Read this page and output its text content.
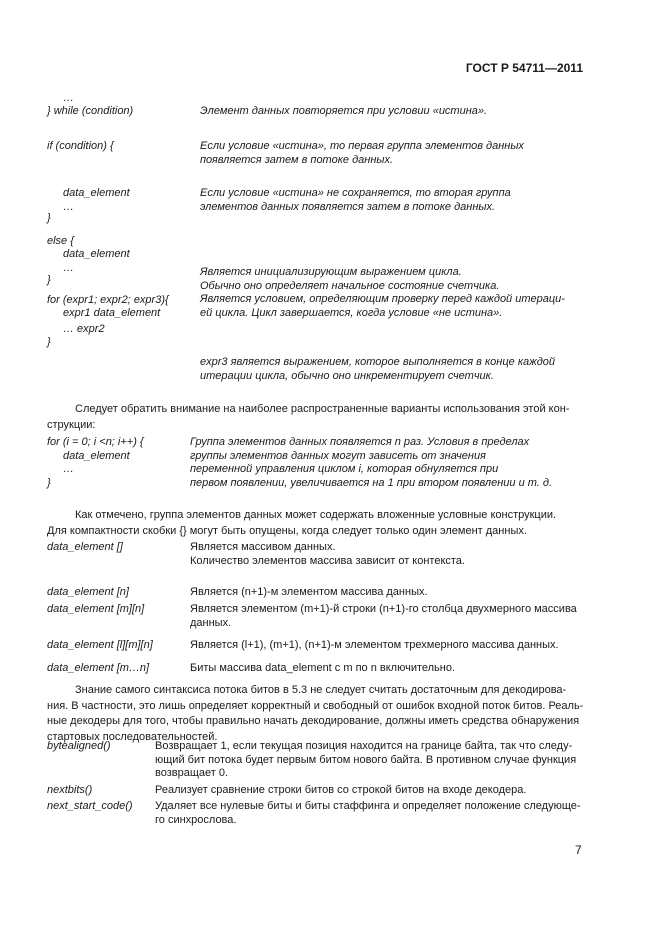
ГОСТ Р 54711—2011
…
} while (condition)	Элемент данных повторяется при условии «истина».
if (condition) {	Если условие «истина», то первая группа элементов данных
появляется затем в потоке данных.
data_element	Если условие «истина» не сохраняется, то вторая группа
…	элементов данных появляется затем в потоке данных.
}
else {
data_element
…	Является инициализирующим выражением цикла.
}	Обычно оно определяет начальное состояние счетчика.
for (expr1; expr2; expr3){	Является условием, определяющим проверку перед каждой итераци-
expr1 data_element	ей цикла. Цикл завершается, когда условие «не истина».
… expr2
}
expr3 является выражением, которое выполняется в конце каждой
итерации цикла, обычно оно инкрементирует счетчик.
Следует обратить внимание на наиболее распространенные варианты использования этой кон-
струкции:
for (i = 0; i <n; i++) {	Группа элементов данных появляется n раз. Условия в пределах
data_element	группы элементов данных могут зависеть от значения
…	переменной управления циклом i, которая обнуляется при
}	первом появлении, увеличивается на 1 при втором появлении и т. д.
Как отмечено, группа элементов данных может содержать вложенные условные конструкции.
Для компактности скобки {} могут быть опущены, когда следует только один элемент данных.
data_element []	Является массивом данных.
Количество элементов массива зависит от контекста.
data_element [n]	Является (n+1)-м элементом массива данных.
data_element [m][n]	Является элементом (m+1)-й строки (n+1)-го столбца двухмерного массива
данных.
data_element [l][m][n]	Является (l+1), (m+1), (n+1)-м элементом трехмерного массива данных.
data_element [m…n]	Биты массива data_element с m по n включительно.
Знание самого синтаксиса потока битов в 5.3 не следует считать достаточным для декодирова-
ния. В частности, это лишь определяет корректный и свободный от ошибок входной поток битов. Реаль-
ные декодеры для того, чтобы правильно начать декодирование, должны иметь средства обнаружения
стартовых последовательностей.
bytealigned()	Возвращает 1, если текущая позиция находится на границе байта, так что следу-
ющий бит потока будет первым битом нового байта. В противном случае функция
возвращает 0.
nextbits()	Реализует сравнение строки битов со строкой битов на входе декодера.
next_start_code() Удаляет все нулевые биты и биты стаффинга и определяет положение следующе-
го синхрослова.
7
